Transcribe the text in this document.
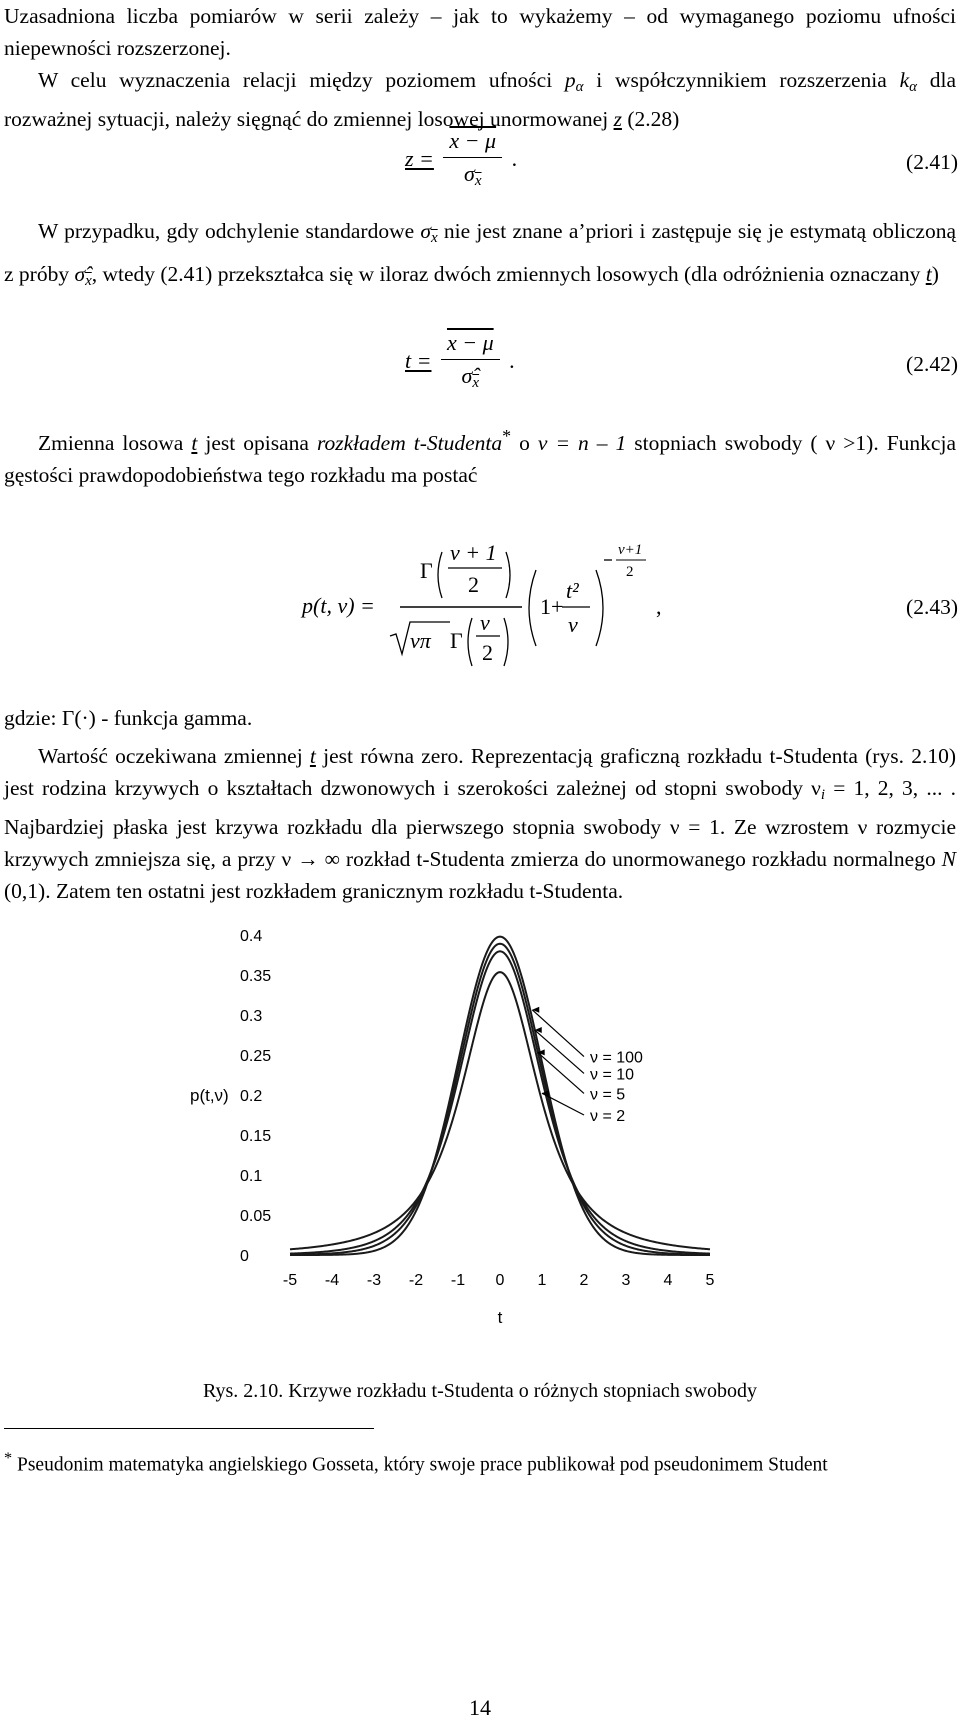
Uzasadniona liczba pomiarów w serii zależy – jak to wykażemy – od wymaganego poziomu ufności niepewności rozszerzonej.
W celu wyznaczenia relacji między poziomem ufności $p_\alpha$ i współczynnikiem rozszerzenia $k_\alpha$ dla rozważnej sytuacji, należy sięgnąć do zmiennej losowej unormowanej z (2.28)
$z = \frac{x - \mu}{\sigma_{\overline{x}}}$ .	(2.41)
W przypadku, gdy odchylenie standardowe $\sigma_{\overline{x}}$ nie jest znane a’priori i zastępuje się je estymatą obliczoną z próby $\sigmâ_{\overline{x}}$, wtedy (2.41) przekształca się w iloraz dwóch zmiennych losowych (dla odróżnienia oznaczany t)
$t = \frac{x - \mu}{\sigmâ_{\overline{x}}}$ .	(2.42)
Zmienna losowa t jest opisana rozkładem t-Studenta* o ν = n – 1 stopniach swobody ( ν >1). Funkcja gęstości prawdopodobieństwa tego rozkładu ma postać
p(t, ν) =
Γ
ν + 1
2
νπ Γ
ν
2
1+
t²
ν
ν+1
2
,	(2.43)
gdzie: Γ(·) - funkcja gamma.
Wartość oczekiwana zmiennej t jest równa zero. Reprezentacją graficzną rozkładu t-Studenta (rys. 2.10) jest rodzina krzywych o kształtach dzwonowych i szerokości zależnej od stopni swobody $\nu_i = 1$, 2, 3, ... . Najbardziej płaska jest krzywa rozkładu dla pierwszego stopnia swobody ν = 1. Ze wzrostem ν rozmycie krzywych zmniejsza się, a przy ν → ∞ rozkład t-Studenta zmierza do unormowanego rozkładu normalnego N (0,1). Zatem ten ostatni jest rozkładem granicznym rozkładu t-Studenta.
0
0.05
0.1
0.15
0.2
0.25
0.3
0.35
0.4
-5 -4 -3 -2 -1 0 1 2 3 4 5
p(t,ν)
t
ν = 100
ν = 10
ν = 5
ν = 2
Rys. 2.10. Krzywe rozkładu t-Studenta o różnych stopniach swobody
* Pseudonim matematyka angielskiego Gosseta, który swoje prace publikował pod pseudonimem Student
14
